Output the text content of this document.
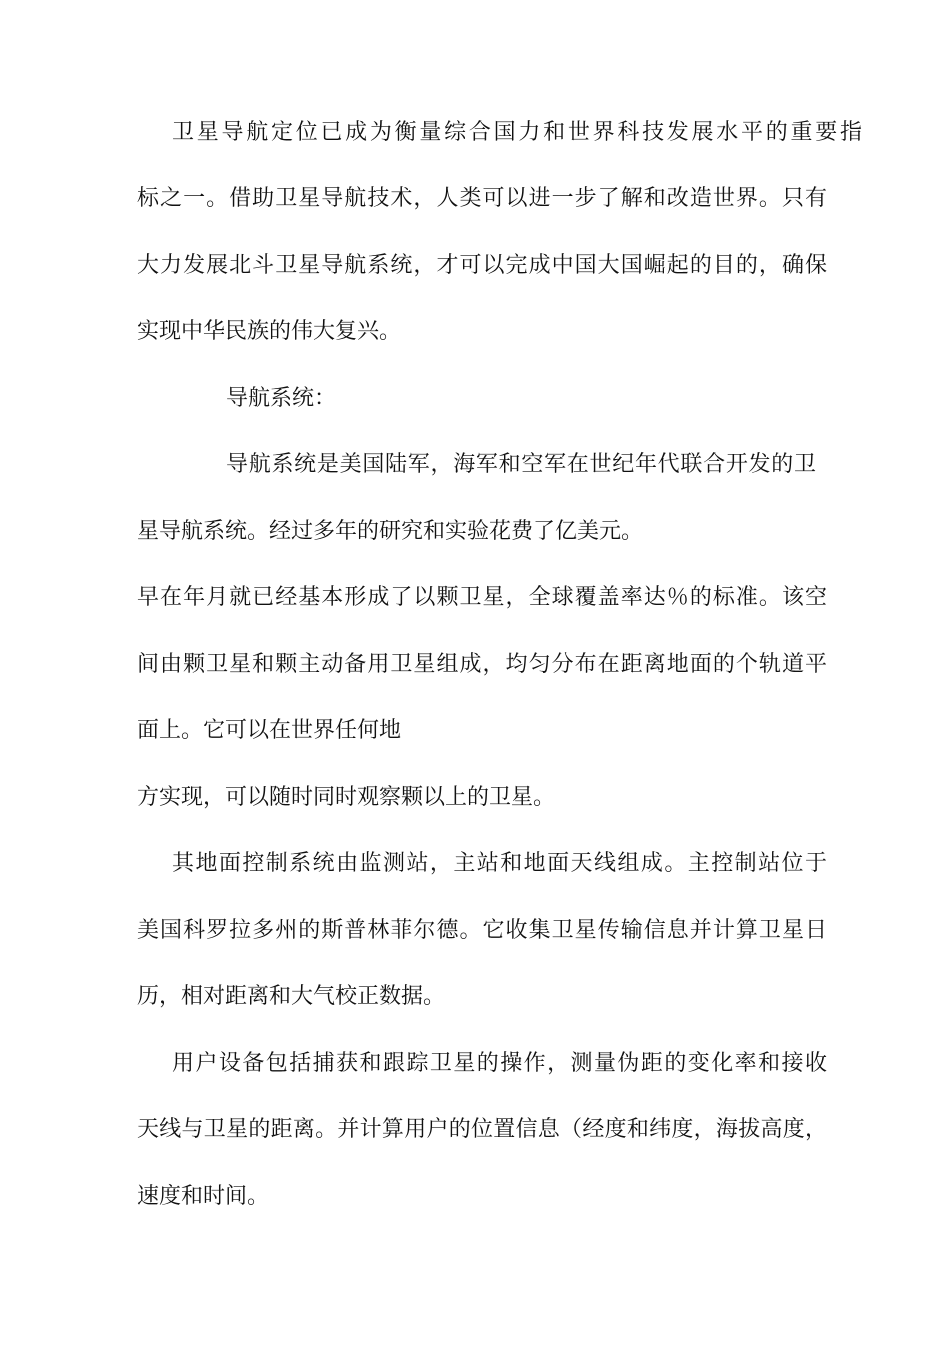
卫星导航定位已成为衡量综合国力和世界科技发展水平的重要指
标之一。借助卫星导航技术，人类可以进一步了解和改造世界。只有
大力发展北斗卫星导航系统，才可以完成中国大国崛起的目的，确保
实现中华民族的伟大复兴。
导航系统：
导航系统是美国陆军，海军和空军在世纪年代联合开发的卫
星导航系统。经过多年的研究和实验花费了亿美元。
早在年月就已经基本形成了以颗卫星，全球覆盖率达％的标准。该空
间由颗卫星和颗主动备用卫星组成，均匀分布在距离地面的个轨道平
面上。它可以在世界任何地
方实现，可以随时同时观察颗以上的卫星。
其地面控制系统由监测站，主站和地面天线组成。主控制站位于
美国科罗拉多州的斯普林菲尔德。它收集卫星传输信息并计算卫星日
历，相对距离和大气校正数据。
用户设备包括捕获和跟踪卫星的操作，测量伪距的变化率和接收
天线与卫星的距离。并计算用户的位置信息（经度和纬度，海拔高度，
速度和时间。
